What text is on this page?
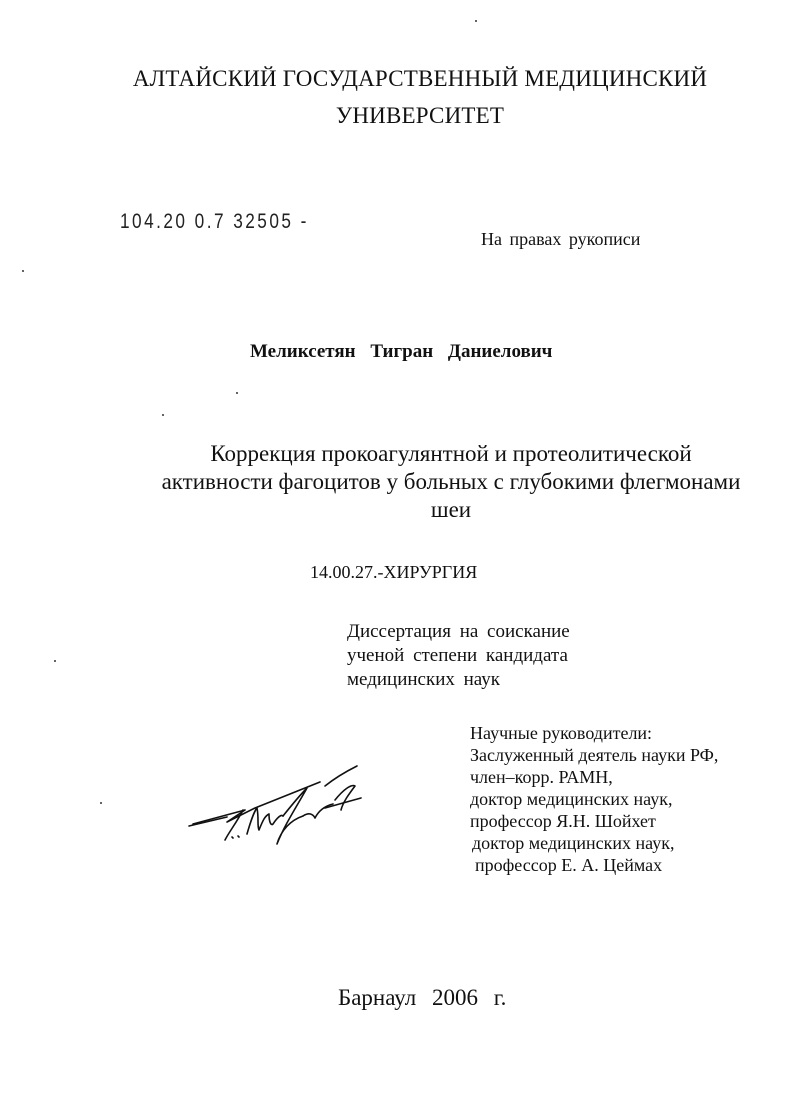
АЛТАЙСКИЙ ГОСУДАРСТВЕННЫЙ МЕДИЦИНСКИЙ
УНИВЕРСИТЕТ
104.20 0.7 32505 -
На правах рукописи
Меликсетян Тигран Даниелович
Коррекция прокоагулянтной и протеолитической
активности фагоцитов у больных с глубокими флегмонами
шеи
14.00.27.-ХИРУРГИЯ
Диссертация на соискание
ученой степени кандидата
медицинских наук
Научные руководители:
Заслуженный деятель науки РФ,
член–корр. РАМН,
доктор медицинских наук,
профессор Я.Н. Шойхет
доктор медицинских наук,
профессор Е. А. Цеймах
Барнаул 2006 г.
